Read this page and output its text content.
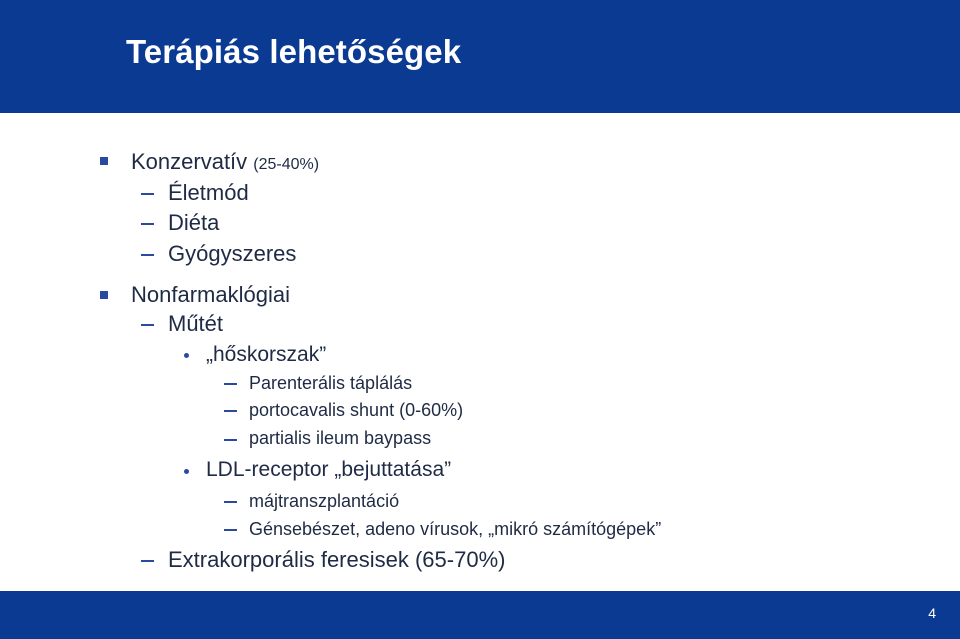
Terápiás lehetőségek
Konzervatív (25-40%)
Életmód
Diéta
Gyógyszeres
Nonfarmaklógiai
Műtét
„hőskorszak”
Parenterális táplálás
portocavalis shunt (0-60%)
partialis ileum baypass
LDL-receptor „bejuttatása”
májtranszplantáció
Génsebészet, adeno vírusok, „mikró számítógépek”
Extrakorporális feresisek (65-70%)
4
